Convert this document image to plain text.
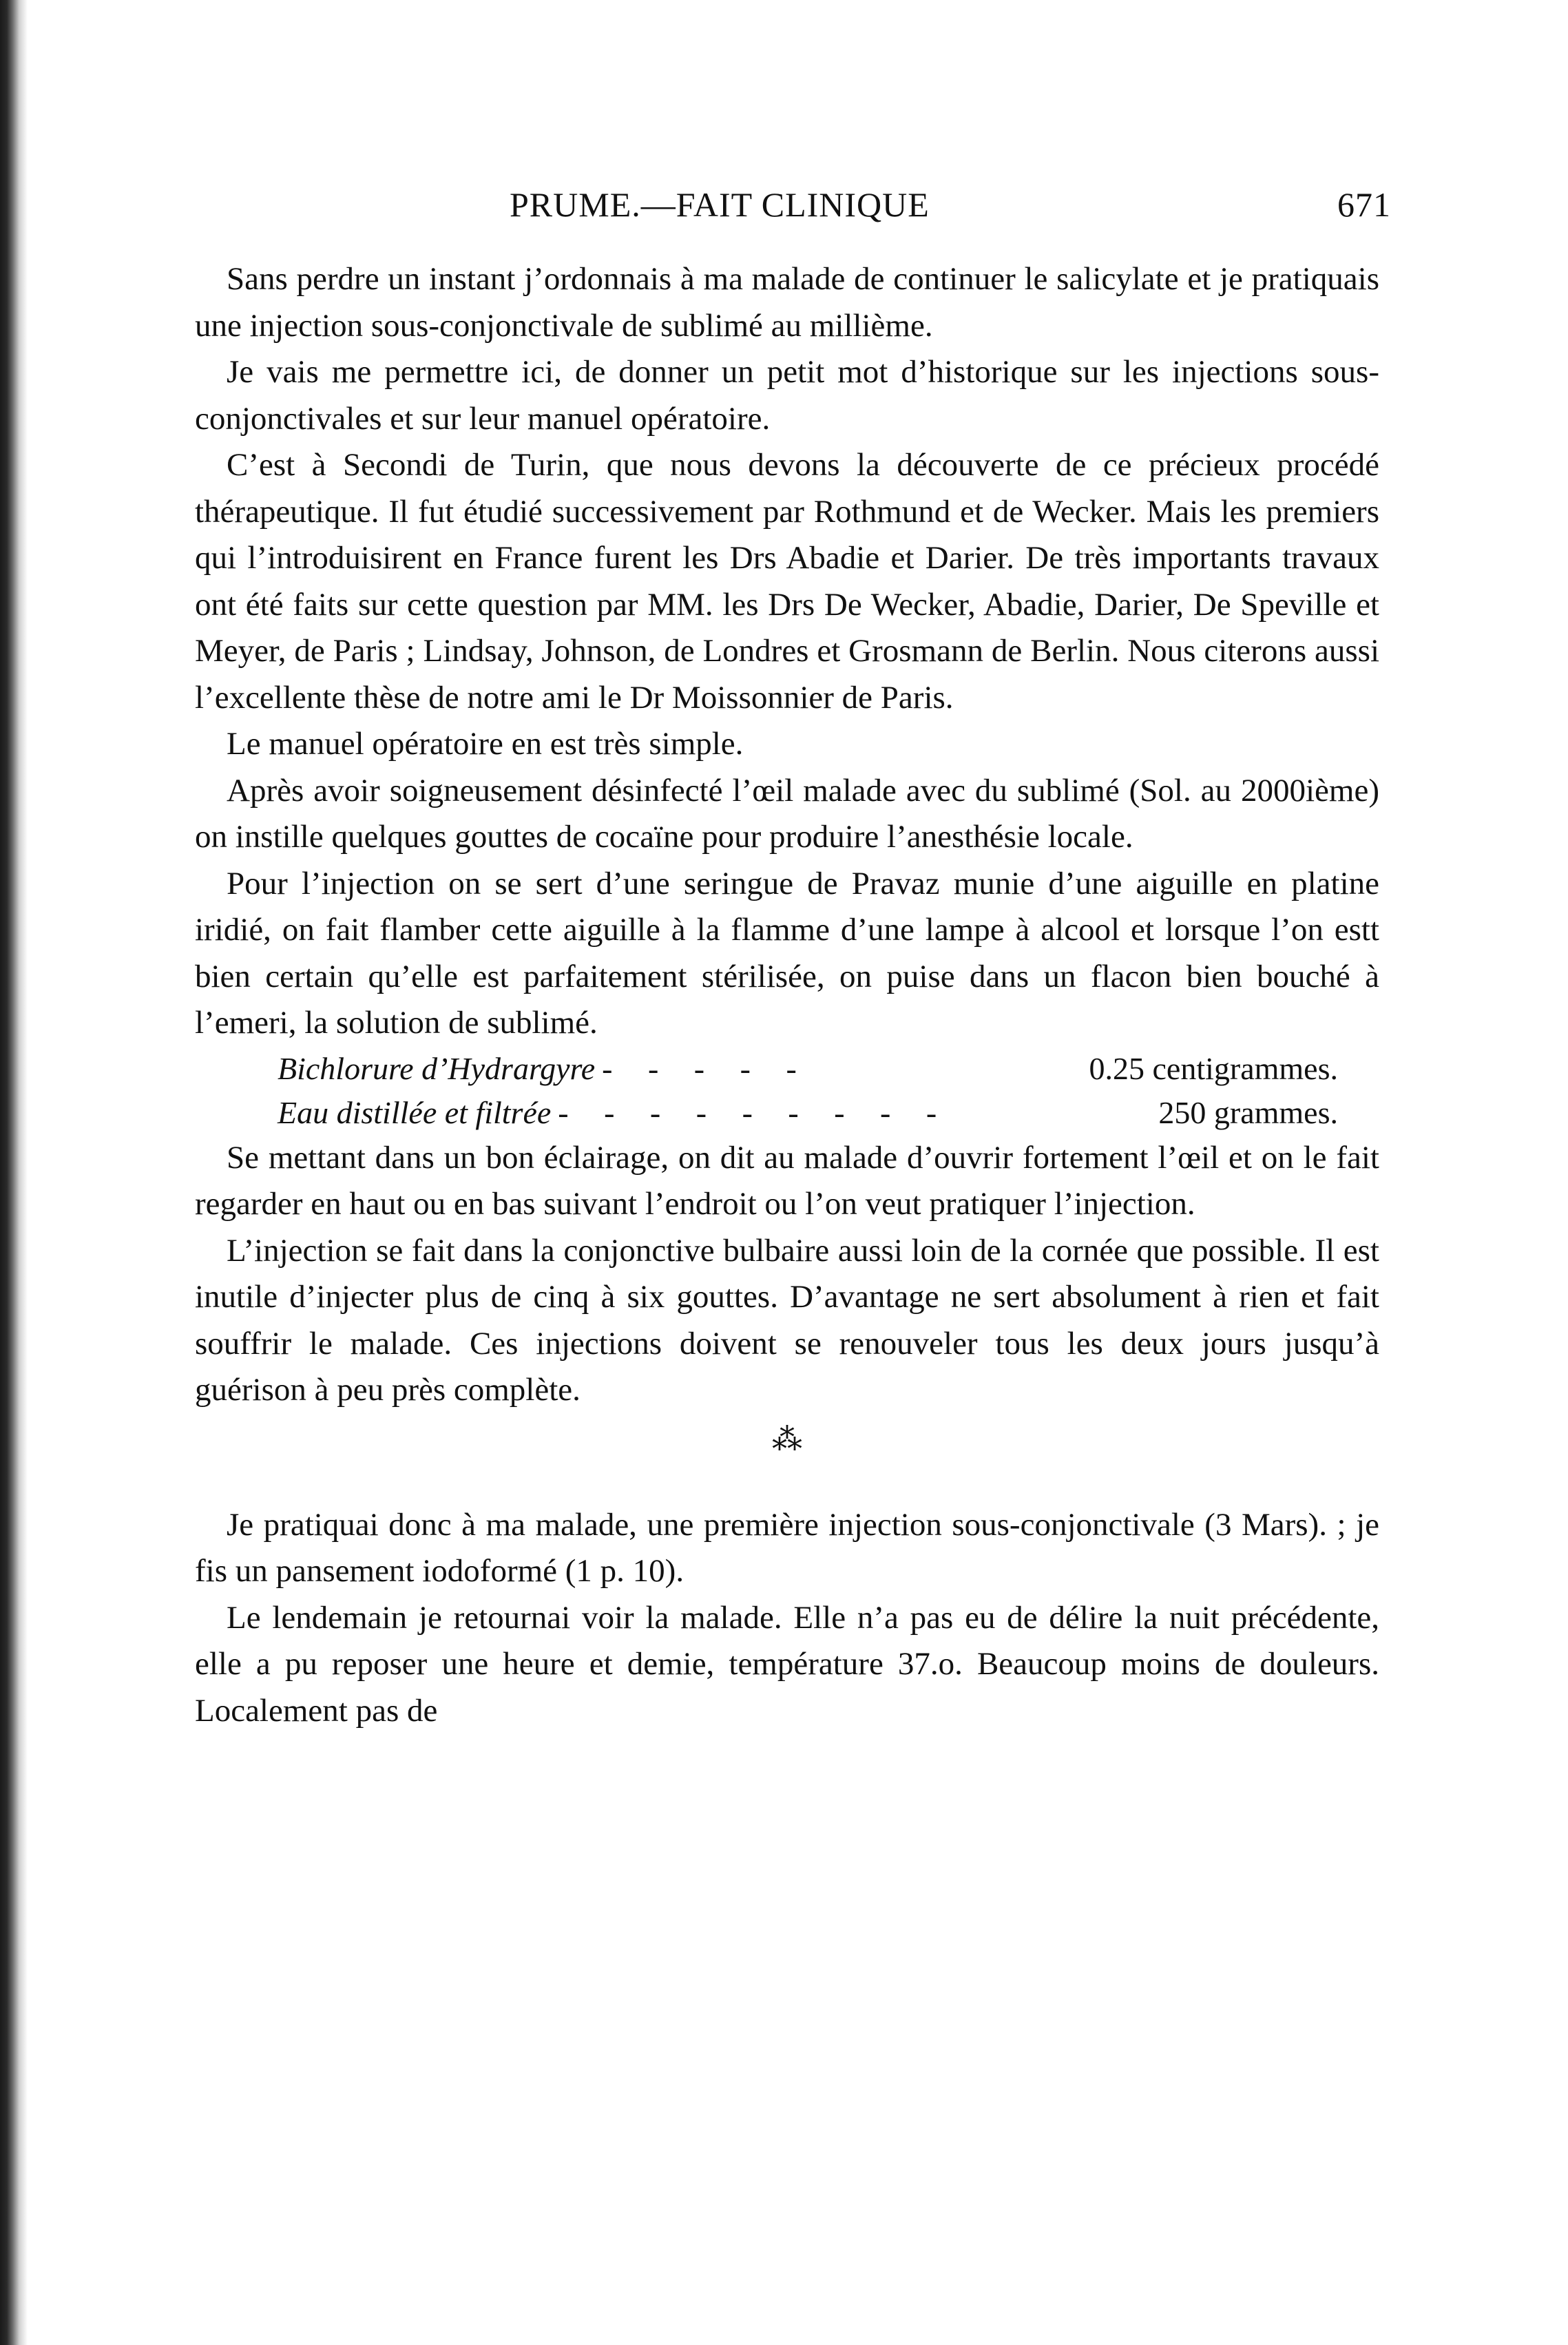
PRUME.—FAIT CLINIQUE	671

Sans perdre un instant j’ordonnais à ma malade de continuer le salicylate et je pratiquais une injection sous-conjonctivale de sublimé au millième.

Je vais me permettre ici, de donner un petit mot d’historique sur les injections sous-conjonctivales et sur leur manuel opératoire.

C’est à Secondi de Turin, que nous devons la découverte de ce précieux procédé thérapeutique. Il fut étudié successivement par Rothmund et de Wecker. Mais les premiers qui l’introduisirent en France furent les Drs Abadie et Darier. De très importants travaux ont été faits sur cette question par MM. les Drs De Wecker, Abadie, Darier, De Speville et Meyer, de Paris ; Lindsay, Johnson, de Londres et Grosmann de Berlin. Nous citerons aussi l’excellente thèse de notre ami le Dr Moissonnier de Paris.

Le manuel opératoire en est très simple.

Après avoir soigneusement désinfecté l’œil malade avec du sublimé (Sol. au 2000ième) on instille quelques gouttes de cocaïne pour produire l’anesthésie locale.

Pour l’injection on se sert d’une seringue de Pravaz munie d’une aiguille en platine iridié, on fait flamber cette aiguille à la flamme d’une lampe à alcool et lorsque l’on estt bien certain qu’elle est parfaitement stérilisée, on puise dans un flacon bien bouché à l’emeri, la solution de sublimé.

Bichlorure d’Hydrargyre - - - - -	0.25 centigrammes.
Eau distillée et filtrée - - - - - - - - -	250 grammes.

Se mettant dans un bon éclairage, on dit au malade d’ouvrir fortement l’œil et on le fait regarder en haut ou en bas suivant l’endroit ou l’on veut pratiquer l’injection.

L’injection se fait dans la conjonctive bulbaire aussi loin de la cornée que possible. Il est inutile d’injecter plus de cinq à six gouttes. D’avantage ne sert absolument à rien et fait souffrir le malade. Ces injections doivent se renouveler tous les deux jours jusqu’à guérison à peu près complète.

⁂

Je pratiquai donc à ma malade, une première injection sous-conjonctivale (3 Mars). ; je fis un pansement iodoformé (1 p. 10).

Le lendemain je retournai voir la malade. Elle n’a pas eu de délire la nuit précédente, elle a pu reposer une heure et demie, température 37.o. Beaucoup moins de douleurs. Localement pas de
